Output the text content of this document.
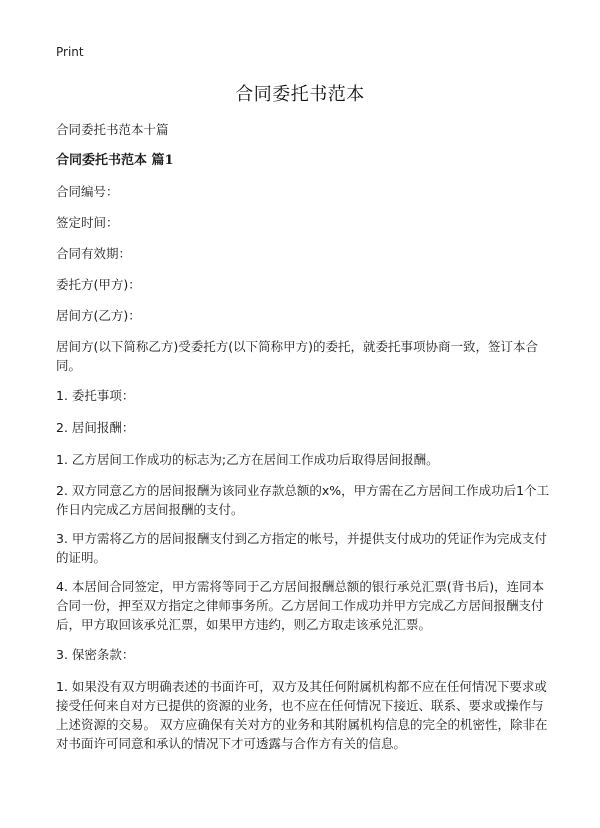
Print
合同委托书范本
合同委托书范本十篇
合同委托书范本 篇1
合同编号：
签定时间：
合同有效期：
委托方(甲方)：
居间方(乙方)：
居间方(以下简称乙方)受委托方(以下简称甲方)的委托，就委托事项协商一致，签订本合同。
1. 委托事项：
2. 居间报酬：
1. 乙方居间工作成功的标志为;乙方在居间工作成功后取得居间报酬。
2. 双方同意乙方的居间报酬为该同业存款总额的x%，甲方需在乙方居间工作成功后1个工作日内完成乙方居间报酬的支付。
3. 甲方需将乙方的居间报酬支付到乙方指定的帐号，并提供支付成功的凭证作为完成支付的证明。
4. 本居间合同签定，甲方需将等同于乙方居间报酬总额的银行承兑汇票(背书后)，连同本合同一份，押至双方指定之律师事务所。乙方居间工作成功并甲方完成乙方居间报酬支付后，甲方取回该承兑汇票，如果甲方违约，则乙方取走该承兑汇票。
3. 保密条款：
1. 如果没有双方明确表述的书面许可，双方及其任何附属机构都不应在任何情况下要求或接受任何来自对方已提供的资源的业务，也不应在任何情况下接近、联系、要求或操作与上述资源的交易。 双方应确保有关对方的业务和其附属机构信息的完全的机密性，除非在对书面许可同意和承认的情况下才可透露与合作方有关的信息。
